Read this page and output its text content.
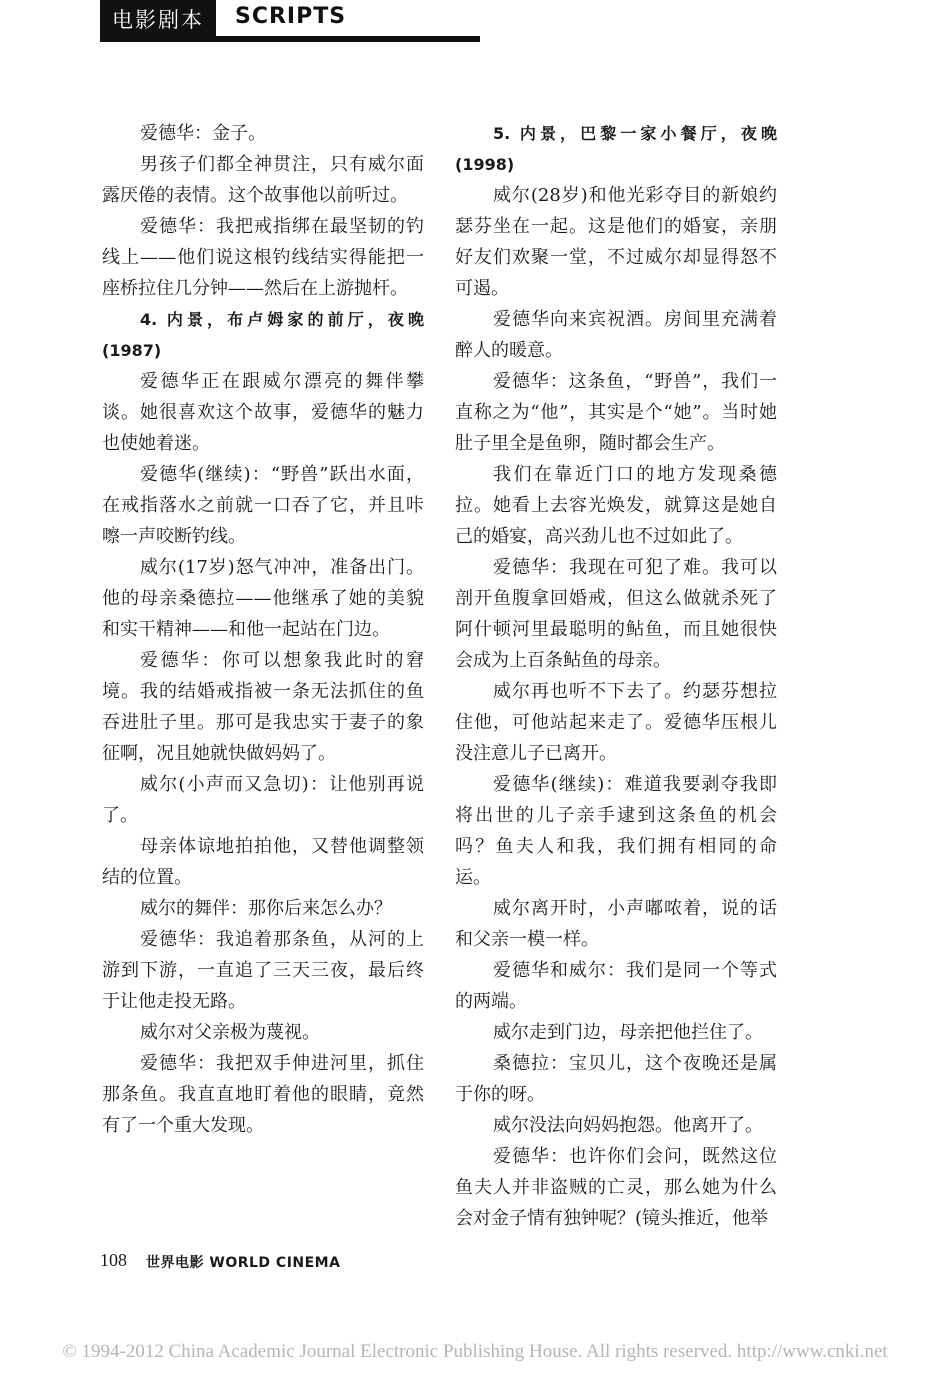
电影剧本	SCRIPTS

爱德华：金子。

男孩子们都全神贯注，只有威尔面露厌倦的表情。这个故事他以前听过。

爱德华：我把戒指绑在最坚韧的钓线上——他们说这根钓线结实得能把一座桥拉住几分钟——然后在上游抛杆。

4. 内景，布卢姆家的前厅，夜晚(1987)

爱德华正在跟威尔漂亮的舞伴攀谈。她很喜欢这个故事，爱德华的魅力也使她着迷。

爱德华(继续)：“野兽”跃出水面，在戒指落水之前就一口吞了它，并且咔嚓一声咬断钓线。

威尔(17岁)怒气冲冲，准备出门。他的母亲桑德拉——他继承了她的美貌和实干精神——和他一起站在门边。

爱德华：你可以想象我此时的窘境。我的结婚戒指被一条无法抓住的鱼吞进肚子里。那可是我忠实于妻子的象征啊，况且她就快做妈妈了。

威尔(小声而又急切)：让他别再说了。

母亲体谅地拍拍他，又替他调整领结的位置。

威尔的舞伴：那你后来怎么办？

爱德华：我追着那条鱼，从河的上游到下游，一直追了三天三夜，最后终于让他走投无路。

威尔对父亲极为蔑视。

爱德华：我把双手伸进河里，抓住那条鱼。我直直地盯着他的眼睛，竟然有了一个重大发现。

5. 内景，巴黎一家小餐厅，夜晚(1998)

威尔(28岁)和他光彩夺目的新娘约瑟芬坐在一起。这是他们的婚宴，亲朋好友们欢聚一堂，不过威尔却显得怒不可遏。

爱德华向来宾祝酒。房间里充满着醉人的暖意。

爱德华：这条鱼，“野兽”，我们一直称之为“他”，其实是个“她”。当时她肚子里全是鱼卵，随时都会生产。

我们在靠近门口的地方发现桑德拉。她看上去容光焕发，就算这是她自己的婚宴，高兴劲儿也不过如此了。

爱德华：我现在可犯了难。我可以剖开鱼腹拿回婚戒，但这么做就杀死了阿什顿河里最聪明的鲇鱼，而且她很快会成为上百条鲇鱼的母亲。

威尔再也听不下去了。约瑟芬想拉住他，可他站起来走了。爱德华压根儿没注意儿子已离开。

爱德华(继续)：难道我要剥夺我即将出世的儿子亲手逮到这条鱼的机会吗？鱼夫人和我，我们拥有相同的命运。

威尔离开时，小声嘟哝着，说的话和父亲一模一样。

爱德华和威尔：我们是同一个等式的两端。

威尔走到门边，母亲把他拦住了。

桑德拉：宝贝儿，这个夜晚还是属于你的呀。

威尔没法向妈妈抱怨。他离开了。

爱德华：也许你们会问，既然这位鱼夫人并非盗贼的亡灵，那么她为什么会对金子情有独钟呢？(镜头推近，他举

108 世界电影 WORLD CINEMA
© 1994-2012 China Academic Journal Electronic Publishing House. All rights reserved. http://www.cnki.net
